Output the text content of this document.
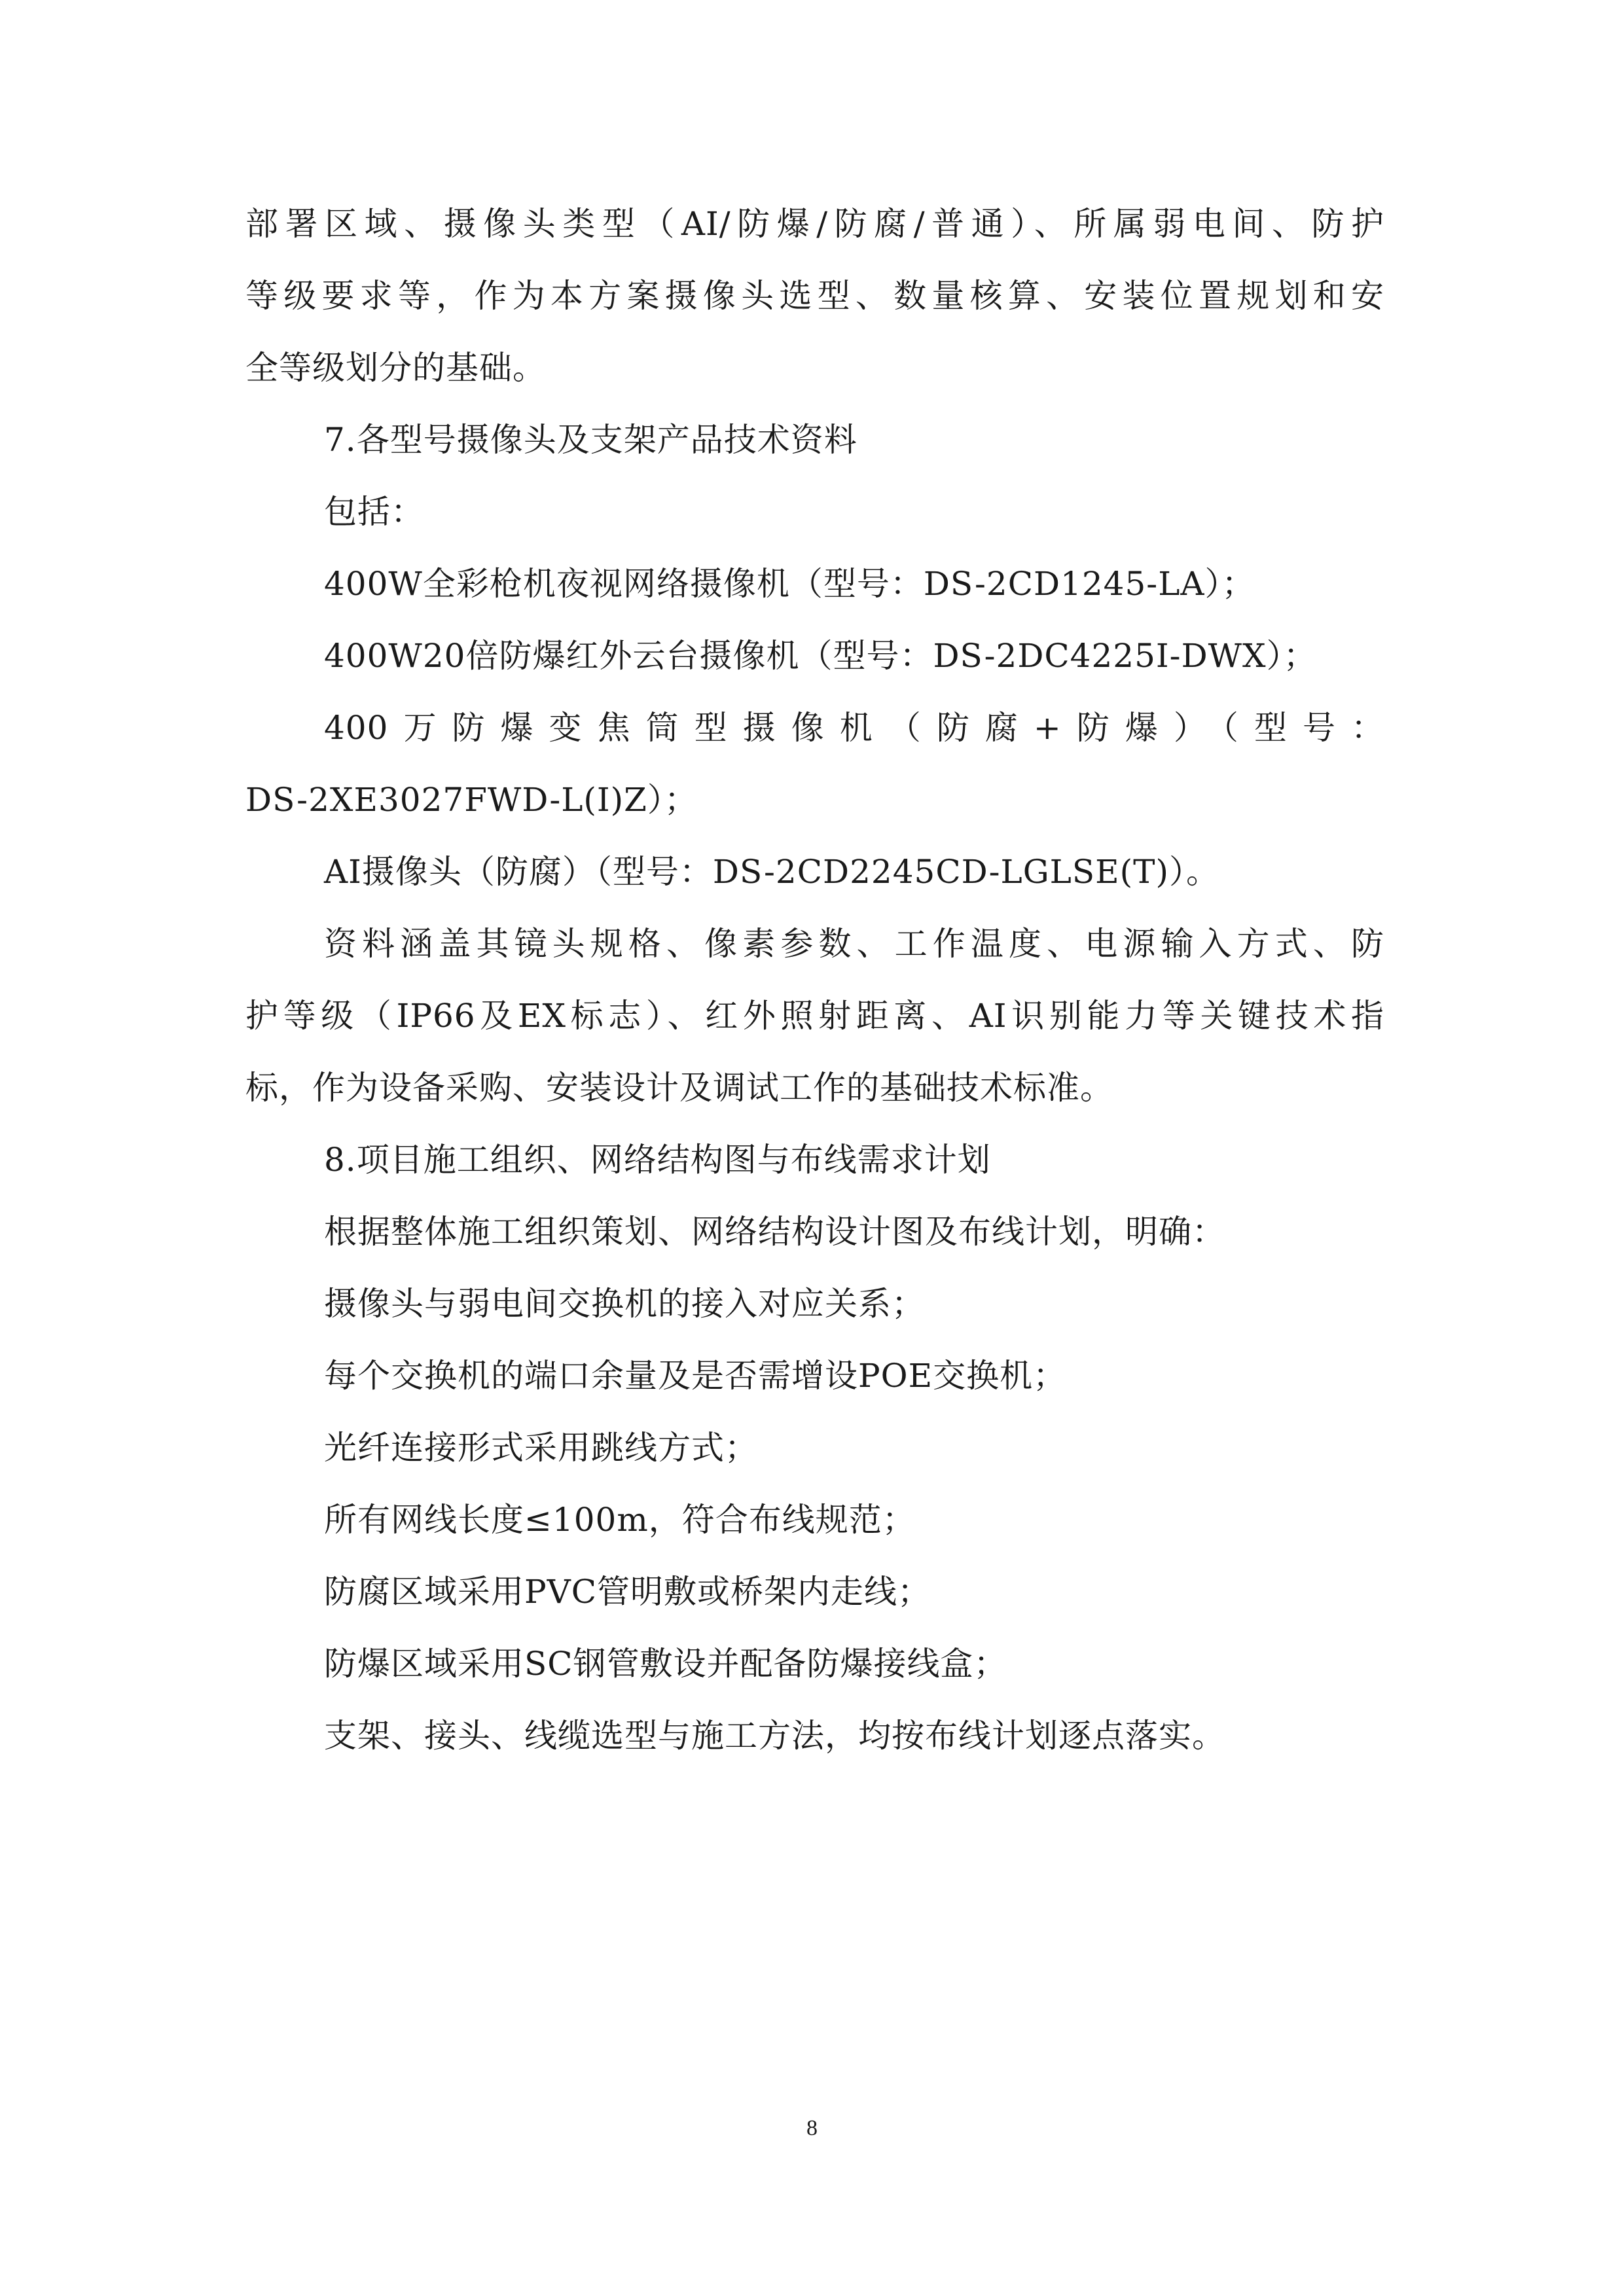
部署区域、摄像头类型（AI/防爆/防腐/普通）、所属弱电间、防护
等级要求等，作为本方案摄像头选型、数量核算、安装位置规划和安
全等级划分的基础。
7.各型号摄像头及支架产品技术资料
包括：
400W全彩枪机夜视网络摄像机（型号：DS-2CD1245-LA）；
400W20倍防爆红外云台摄像机（型号：DS-2DC4225I-DWX）；
400万防爆变焦筒型摄像机（防腐+防爆）（型号：
DS-2XE3027FWD-L(I)Z）；
AI摄像头（防腐）（型号：DS-2CD2245CD-LGLSE(T)）。
资料涵盖其镜头规格、像素参数、工作温度、电源输入方式、防
护等级（IP66及EX标志）、红外照射距离、AI识别能力等关键技术指
标，作为设备采购、安装设计及调试工作的基础技术标准。
8.项目施工组织、网络结构图与布线需求计划
根据整体施工组织策划、网络结构设计图及布线计划，明确：
摄像头与弱电间交换机的接入对应关系；
每个交换机的端口余量及是否需增设POE交换机；
光纤连接形式采用跳线方式；
所有网线长度≤100m，符合布线规范；
防腐区域采用PVC管明敷或桥架内走线；
防爆区域采用SC钢管敷设并配备防爆接线盒；
支架、接头、线缆选型与施工方法，均按布线计划逐点落实。
8
